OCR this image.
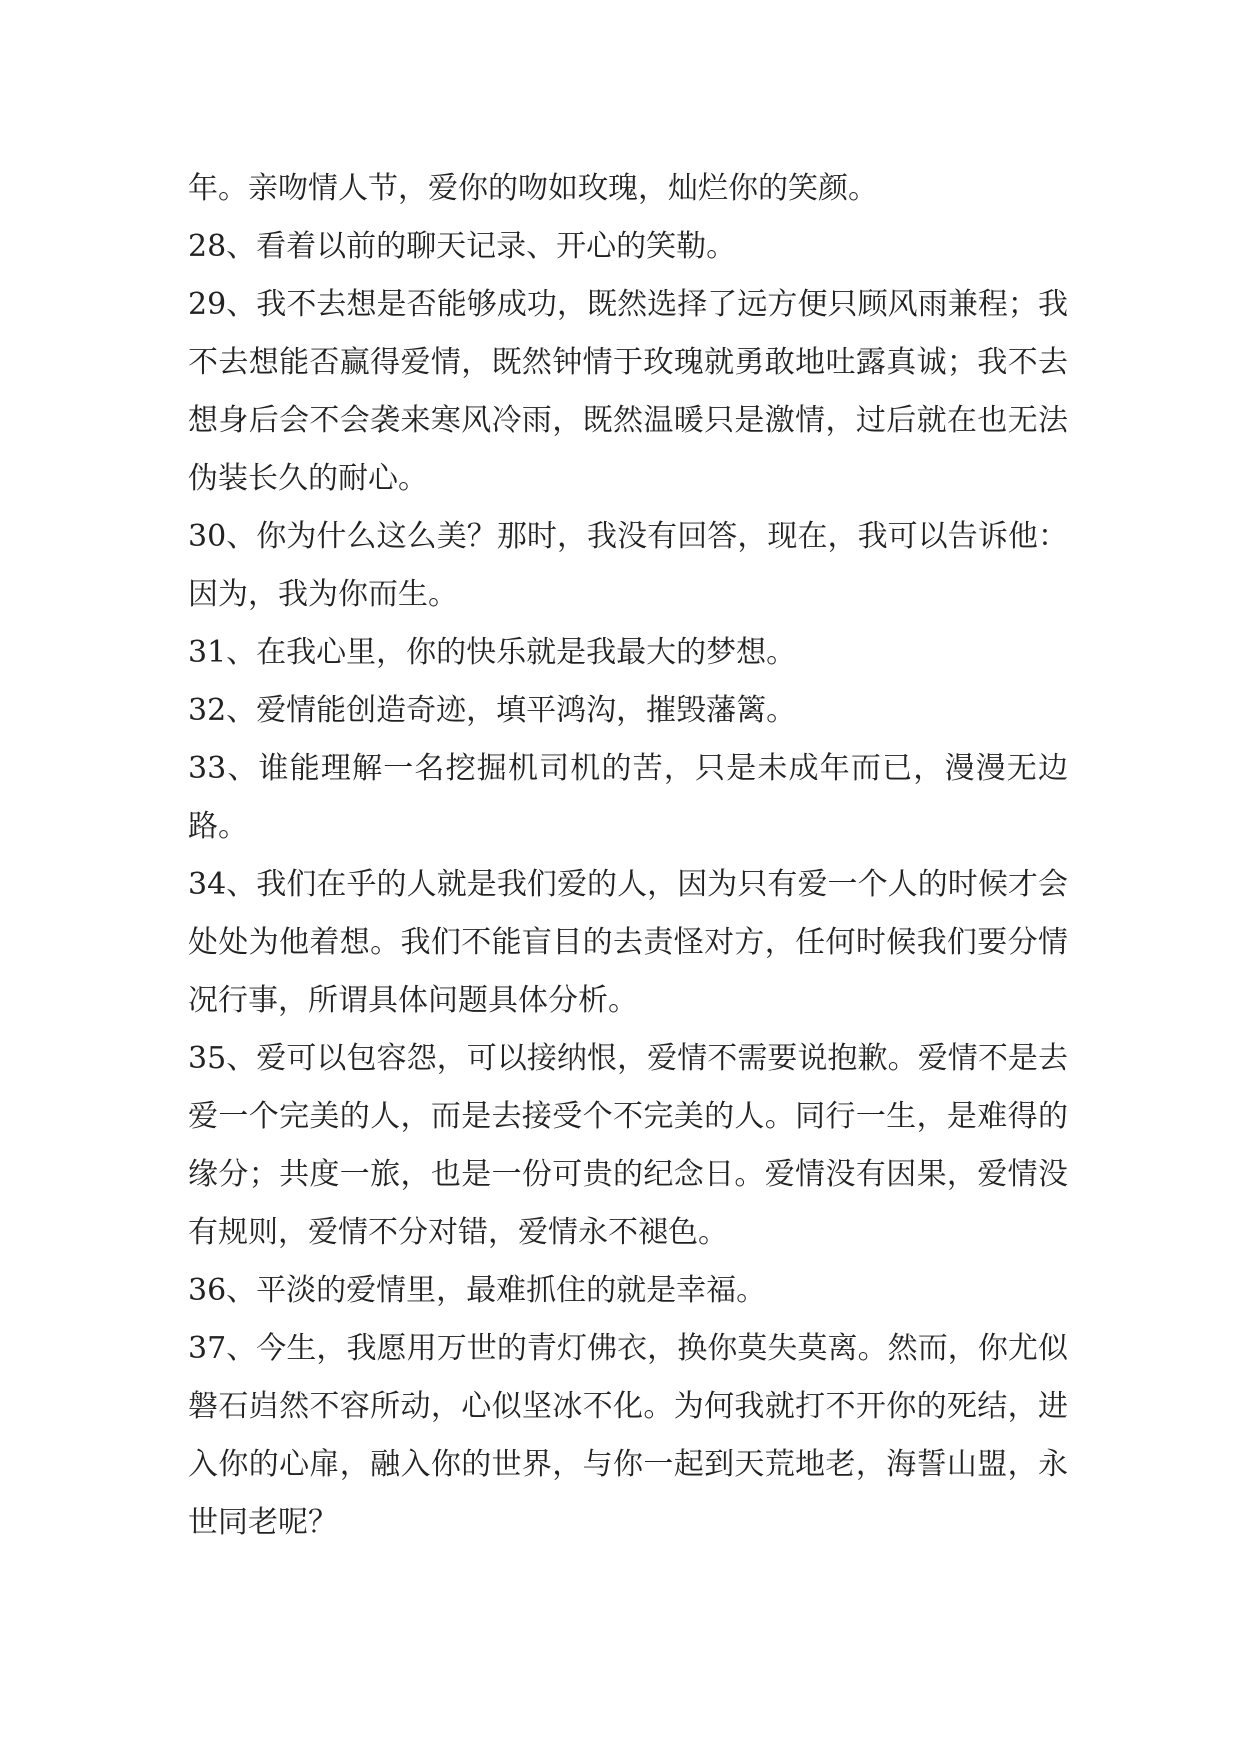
年。亲吻情人节，爱你的吻如玫瑰，灿烂你的笑颜。

28、看着以前的聊天记录、开心的笑勒。

29、我不去想是否能够成功，既然选择了远方便只顾风雨兼程；我不去想能否赢得爱情，既然钟情于玫瑰就勇敢地吐露真诚；我不去想身后会不会袭来寒风冷雨，既然温暖只是激情，过后就在也无法伪装长久的耐心。

30、你为什么这么美？那时，我没有回答，现在，我可以告诉他：因为，我为你而生。

31、在我心里，你的快乐就是我最大的梦想。

32、爱情能创造奇迹，填平鸿沟，摧毁藩篱。

33、谁能理解一名挖掘机司机的苦，只是未成年而已，漫漫无边路。

34、我们在乎的人就是我们爱的人，因为只有爱一个人的时候才会处处为他着想。我们不能盲目的去责怪对方，任何时候我们要分情况行事，所谓具体问题具体分析。

35、爱可以包容怨，可以接纳恨，爱情不需要说抱歉。爱情不是去爱一个完美的人，而是去接受个不完美的人。同行一生，是难得的缘分；共度一旅，也是一份可贵的纪念日。爱情没有因果，爱情没有规则，爱情不分对错，爱情永不褪色。

36、平淡的爱情里，最难抓住的就是幸福。

37、今生，我愿用万世的青灯佛衣，换你莫失莫离。然而，你尤似磐石岿然不容所动，心似坚冰不化。为何我就打不开你的死结，进入你的心扉，融入你的世界，与你一起到天荒地老，海誓山盟，永世同老呢？
